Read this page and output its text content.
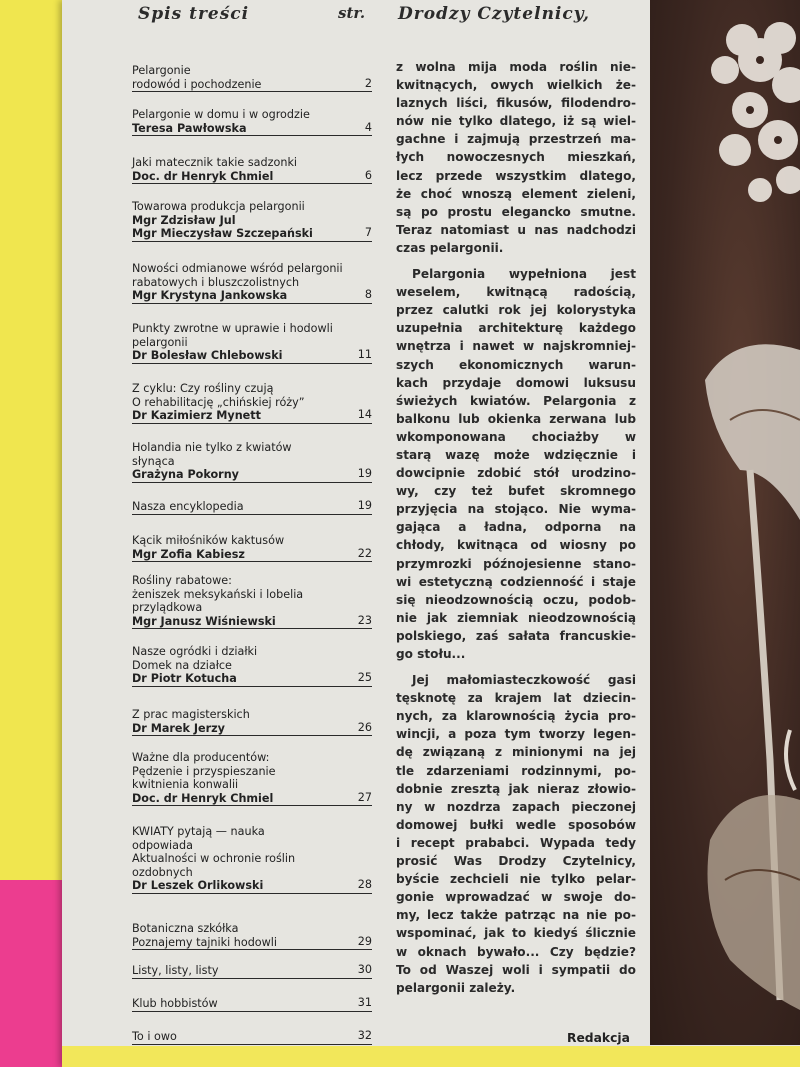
Spis treści	str. Drodzy Czytelnicy,
Pelargonie
rodowód i pochodzenie	2
Pelargonie w domu i w ogrodzie
Teresa Pawłowska	4
Jaki matecznik takie sadzonki
Doc. dr Henryk Chmiel	6
Towarowa produkcja pelargonii
Mgr Zdzisław Jul
Mgr Mieczysław Szczepański	7
Nowości odmianowe wśród pelargonii
rabatowych i bluszczolistnych
Mgr Krystyna Jankowska	8
Punkty zwrotne w uprawie i hodowli
pelargonii
Dr Bolesław Chlebowski	11
Z cyklu: Czy rośliny czują
O rehabilitację „chińskiej róży”
Dr Kazimierz Mynett	14
Holandia nie tylko z kwiatów
słynąca
Grażyna Pokorny	19
Nasza encyklopedia	19
Kącik miłośników kaktusów
Mgr Zofia Kabiesz	22
Rośliny rabatowe:
żeniszek meksykański i lobelia
przylądkowa
Mgr Janusz Wiśniewski	23
Nasze ogródki i działki
Domek na działce
Dr Piotr Kotucha	25
Z prac magisterskich
Dr Marek Jerzy	26
Ważne dla producentów:
Pędzenie i przyspieszanie
kwitnienia konwalii
Doc. dr Henryk Chmiel	27
KWIATY pytają — nauka
odpowiada
Aktualności w ochronie roślin
ozdobnych
Dr Leszek Orlikowski	28
Botaniczna szkółka
Poznajemy tajniki hodowli	29
Listy, listy, listy	30
Klub hobbistów	31
To i owo	32
z wolna mija moda roślin nie-
kwitnących, owych wielkich że-
laznych liści, fikusów, filodendro-
nów nie tylko dlatego, iż są wiel-
gachne i zajmują przestrzeń ma-
łych nowoczesnych mieszkań,
lecz przede wszystkim dlatego,
że choć wnoszą element zieleni,
są po prostu elegancko smutne.
Teraz natomiast u nas nadchodzi
czas pelargonii.
Pelargonia wypełniona jest
weselem, kwitnącą radością,
przez calutki rok jej kolorystyka
uzupełnia architekturę każdego
wnętrza i nawet w najskromniej-
szych ekonomicznych warun-
kach przydaje domowi luksusu
świeżych kwiatów. Pelargonia z
balkonu lub okienka zerwana lub
wkomponowana chociażby w
starą wazę może wdzięcznie i
dowcipnie zdobić stół urodzino-
wy, czy też bufet skromnego
przyjęcia na stojąco. Nie wyma-
gająca a ładna, odporna na
chłody, kwitnąca od wiosny po
przymrozki późnojesienne stano-
wi estetyczną codzienność i staje
się nieodzownością oczu, podob-
nie jak ziemniak nieodzownością
polskiego, zaś sałata francuskie-
go stołu...
Jej małomiasteczkowość gasi
tęsknotę za krajem lat dziecin-
nych, za klarownością życia pro-
wincji, a poza tym tworzy legen-
dę związaną z minionymi na jej
tle zdarzeniami rodzinnymi, po-
dobnie zresztą jak nieraz złowio-
ny w nozdrza zapach pieczonej
domowej bułki wedle sposobów
i recept prababci. Wypada tedy
prosić Was Drodzy Czytelnicy,
byście zechcieli nie tylko pelar-
gonie wprowadzać w swoje do-
my, lecz także patrząc na nie po-
wspominać, jak to kiedyś ślicznie
w oknach bywało... Czy będzie?
To od Waszej woli i sympatii do
pelargonii zależy.
Redakcja
